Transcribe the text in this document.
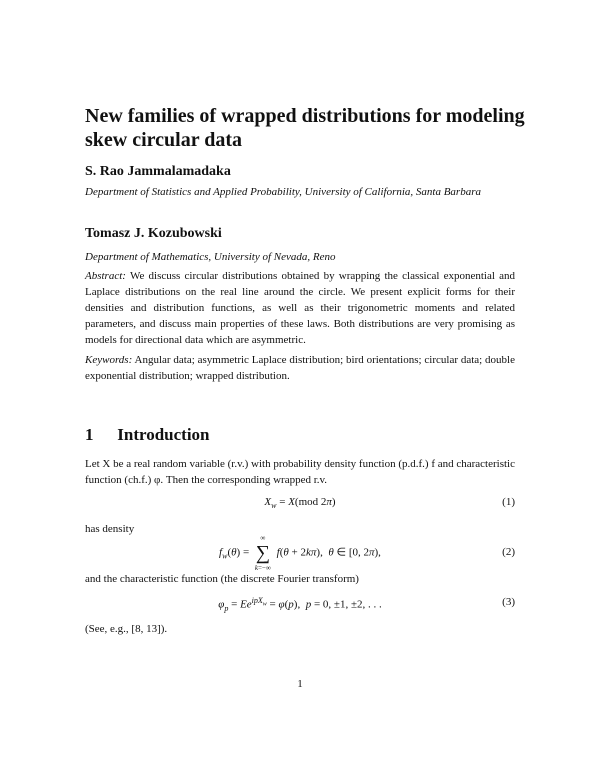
New families of wrapped distributions for modeling skew circular data
S. Rao Jammalamadaka
Department of Statistics and Applied Probability, University of California, Santa Barbara
Tomasz J. Kozubowski
Department of Mathematics, University of Nevada, Reno
Abstract: We discuss circular distributions obtained by wrapping the classical exponential and Laplace distributions on the real line around the circle. We present explicit forms for their densities and distribution functions, as well as their trigonometric moments and related parameters, and discuss main properties of these laws. Both distributions are very promising as models for directional data which are asymmetric.
Keywords: Angular data; asymmetric Laplace distribution; bird orientations; circular data; double exponential distribution; wrapped distribution.
1 Introduction
Let X be a real random variable (r.v.) with probability density function (p.d.f.) f and characteristic function (ch.f.) φ. Then the corresponding wrapped r.v.
$X_w = X(mod$ 2π)	(1)
has density
$f_w(\theta)$ =
∞
∑
k=−∞
f(θ + 2kπ),  θ ∈ [0, 2π),	(2)
and the characteristic function (the discrete Fourier transform)
$\varphi_p = Ee^{ipX_w} = \varphi(p)$,  p = 0, ±1, ±2, . . .	(3)
(See, e.g., [8, 13]).
1
